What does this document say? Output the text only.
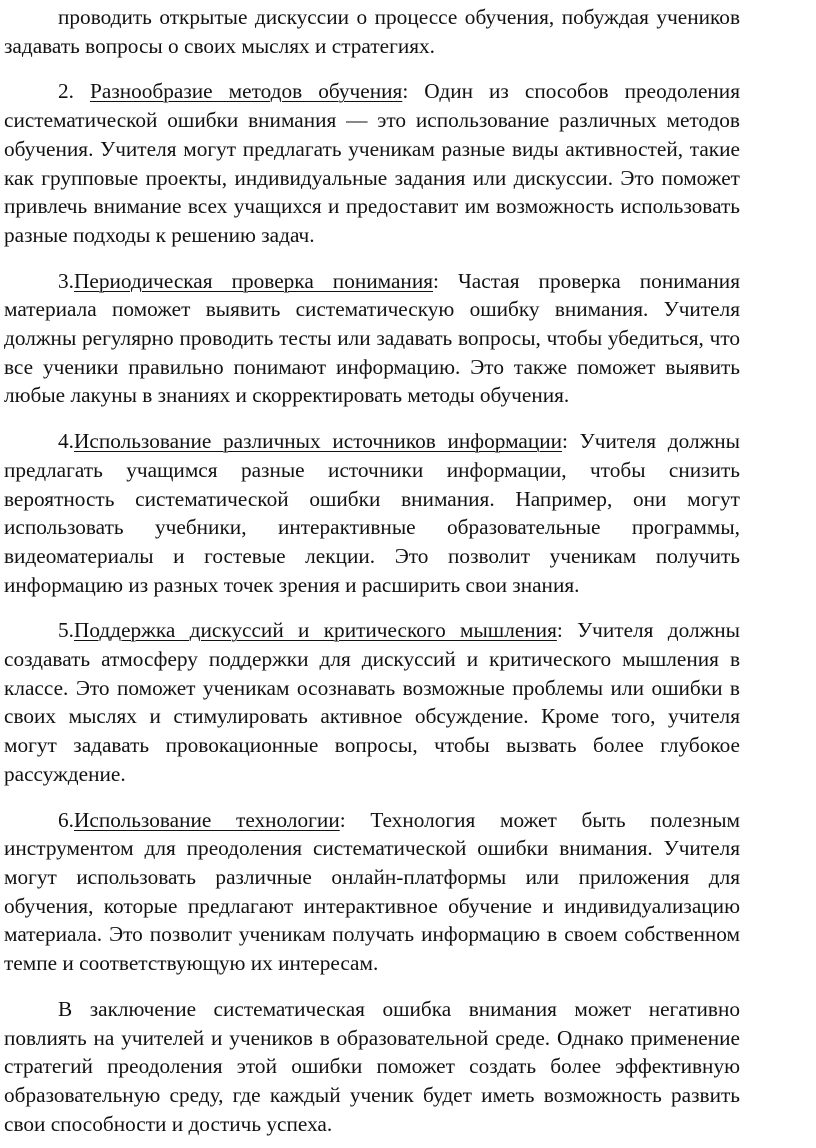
проводить открытые дискуссии о процессе обучения, побуждая учеников задавать вопросы о своих мыслях и стратегиях.

2. Разнообразие методов обучения: Один из способов преодоления систематической ошибки внимания — это использование различных методов обучения. Учителя могут предлагать ученикам разные виды активностей, такие как групповые проекты, индивидуальные задания или дискуссии. Это поможет привлечь внимание всех учащихся и предоставит им возможность использовать разные подходы к решению задач.

3.Периодическая проверка понимания: Частая проверка понимания материала поможет выявить систематическую ошибку внимания. Учителя должны регулярно проводить тесты или задавать вопросы, чтобы убедиться, что все ученики правильно понимают информацию. Это также поможет выявить любые лакуны в знаниях и скорректировать методы обучения.

4.Использование различных источников информации: Учителя должны предлагать учащимся разные источники информации, чтобы снизить вероятность систематической ошибки внимания. Например, они могут использовать учебники, интерактивные образовательные программы, видеоматериалы и гостевые лекции. Это позволит ученикам получить информацию из разных точек зрения и расширить свои знания.

5.Поддержка дискуссий и критического мышления: Учителя должны создавать атмосферу поддержки для дискуссий и критического мышления в классе. Это поможет ученикам осознавать возможные проблемы или ошибки в своих мыслях и стимулировать активное обсуждение. Кроме того, учителя могут задавать провокационные вопросы, чтобы вызвать более глубокое рассуждение.

6.Использование технологии: Технология может быть полезным инструментом для преодоления систематической ошибки внимания. Учителя могут использовать различные онлайн-платформы или приложения для обучения, которые предлагают интерактивное обучение и индивидуализацию материала. Это позволит ученикам получать информацию в своем собственном темпе и соответствующую их интересам.

В заключение систематическая ошибка внимания может негативно повлиять на учителей и учеников в образовательной среде. Однако применение стратегий преодоления этой ошибки поможет создать более эффективную образовательную среду, где каждый ученик будет иметь возможность развить свои способности и достичь успеха.
